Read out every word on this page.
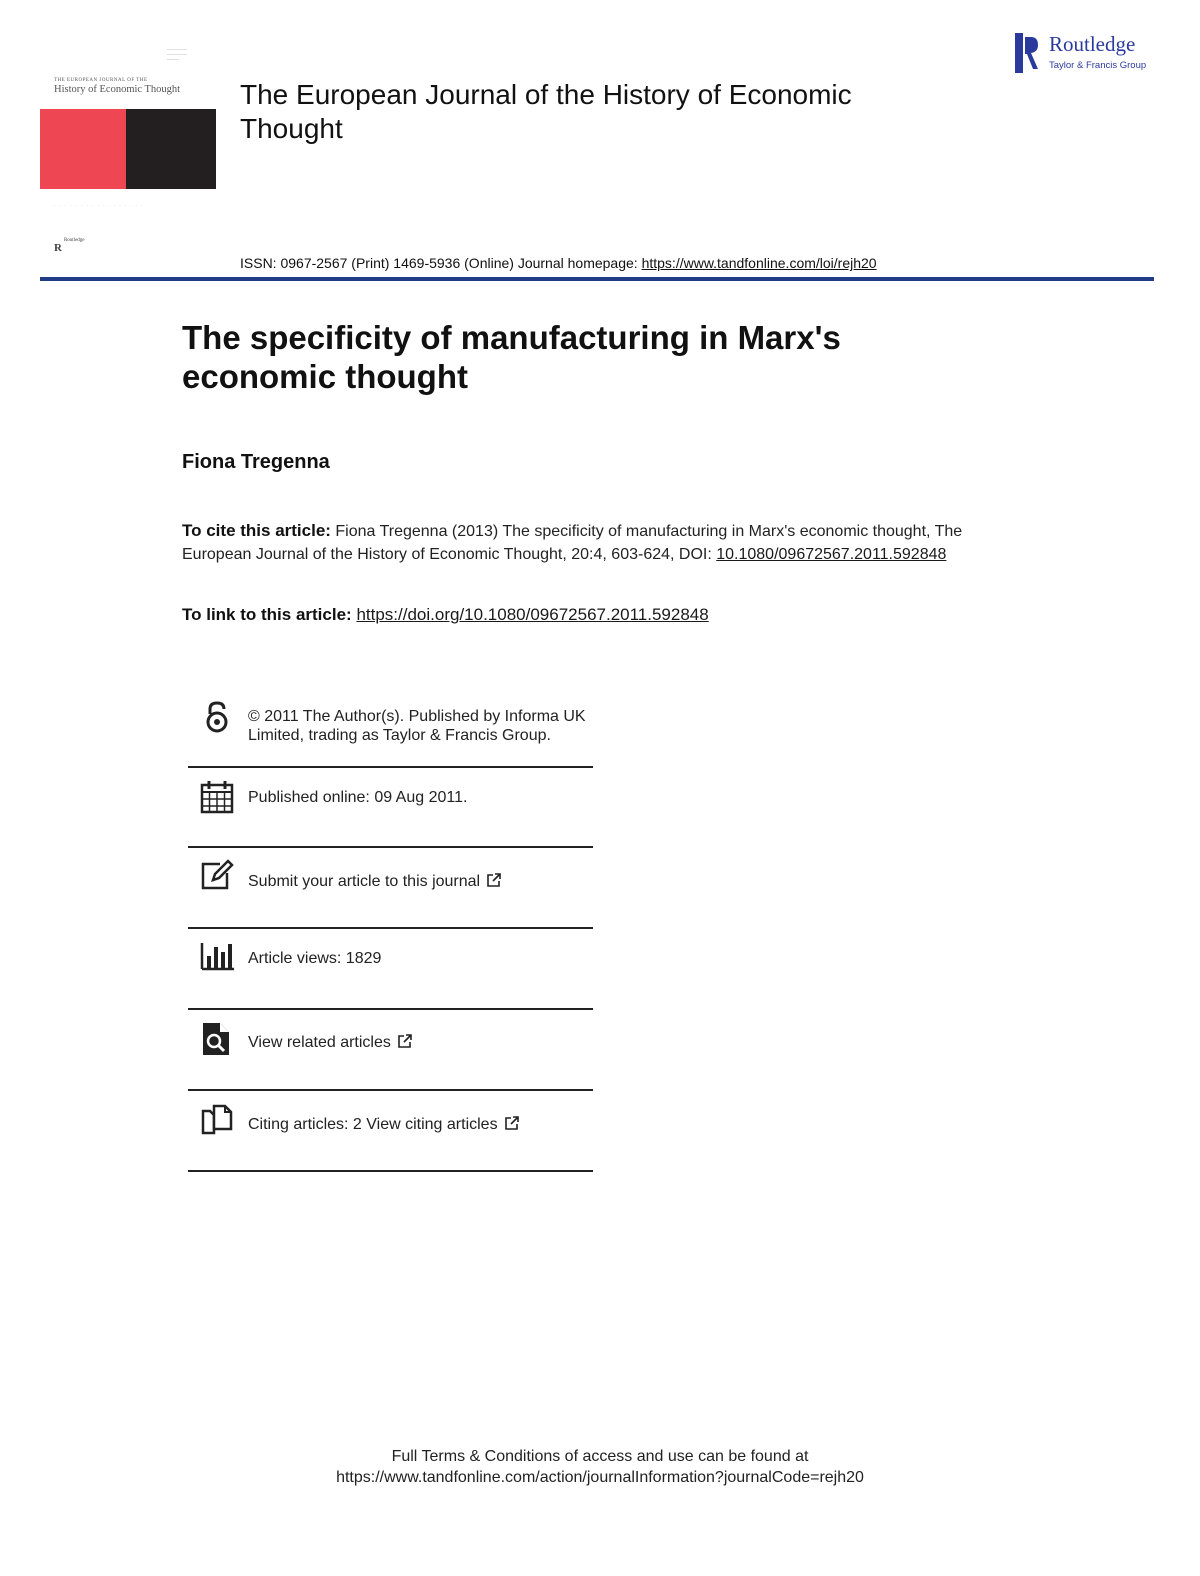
―――――
―――――
―――
THE EUROPEAN JOURNAL OF THE
History of Economic Thought
· · · · · · · · · · · · · · · · ·
RRoutledge
The European Journal of the History of Economic Thought
Routledge
Taylor & Francis Group
ISSN: 0967-2567 (Print) 1469-5936 (Online) Journal homepage: https://www.tandfonline.com/loi/rejh20
The specificity of manufacturing in Marx's economic thought
Fiona Tregenna
To cite this article: Fiona Tregenna (2013) The specificity of manufacturing in Marx's economic thought, The European Journal of the History of Economic Thought, 20:4, 603-624, DOI: 10.1080/09672567.2011.592848
To link to this article: https://doi.org/10.1080/09672567.2011.592848
© 2011 The Author(s). Published by Informa UK Limited, trading as Taylor & Francis Group.
Published online: 09 Aug 2011.
Submit your article to this journal
Article views: 1829
View related articles
Citing articles: 2 View citing articles
Full Terms & Conditions of access and use can be found at
https://www.tandfonline.com/action/journalInformation?journalCode=rejh20
